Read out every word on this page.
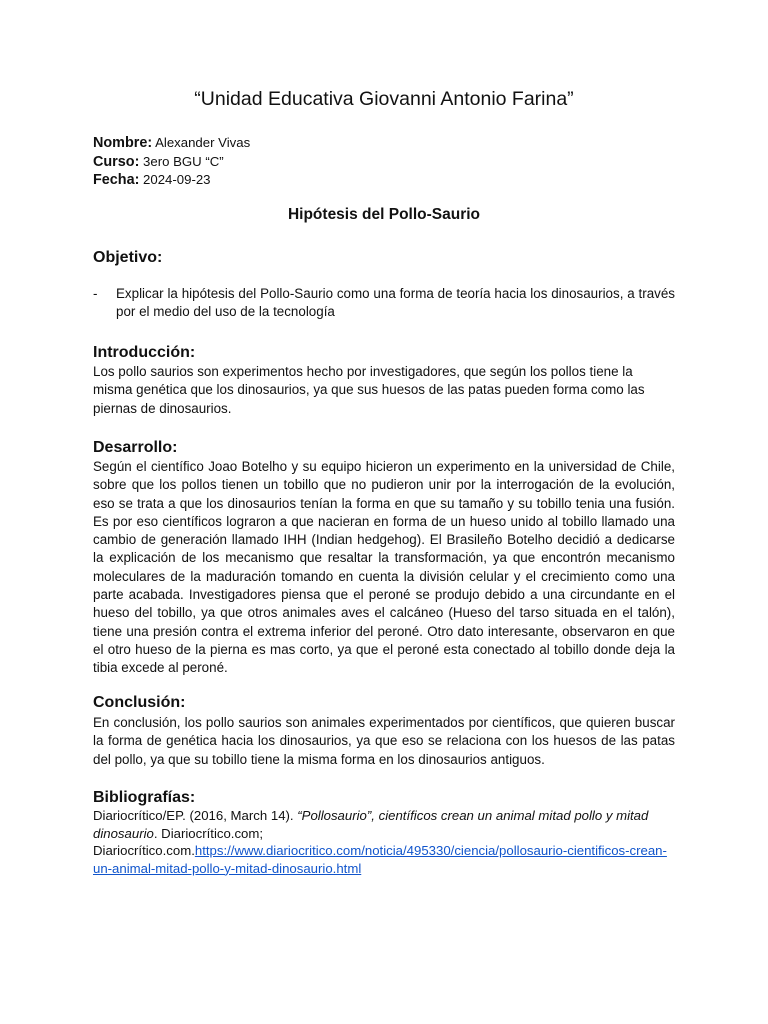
“Unidad Educativa Giovanni Antonio Farina”
Nombre: Alexander Vivas
Curso: 3ero BGU “C”
Fecha: 2024-09-23
Hipótesis del Pollo-Saurio
Objetivo:
- Explicar la hipótesis del Pollo-Saurio como una forma de teoría hacia los dinosaurios, a través por el medio del uso de la tecnología
Introducción:
Los pollo saurios son experimentos hecho por investigadores, que según los pollos tiene la misma genética que los dinosaurios, ya que sus huesos de las patas pueden forma como las piernas de dinosaurios.
Desarrollo:
Según el científico Joao Botelho y su equipo hicieron un experimento en la universidad de Chile, sobre que los pollos tienen un tobillo que no pudieron unir por la interrogación de la evolución, eso se trata a que los dinosaurios tenían la forma en que su tamaño y su tobillo tenia una fusión. Es por eso científicos lograron a que nacieran en forma de un hueso unido al tobillo llamado una cambio de generación llamado IHH (Indian hedgehog). El Brasileño Botelho decidió a dedicarse la explicación de los mecanismo que resaltar la transformación, ya que encontrón mecanismo moleculares de la maduración tomando en cuenta la división celular y el crecimiento como una parte acabada. Investigadores piensa que el peroné se produjo debido a una circundante en el hueso del tobillo, ya que otros animales aves el calcáneo (Hueso del tarso situada en el talón), tiene una presión contra el extrema inferior del peroné. Otro dato interesante, observaron en que el otro hueso de la pierna es mas corto, ya que el peroné esta conectado al tobillo donde deja la tibia excede al peroné.
Conclusión:
En conclusión, los pollo saurios son animales experimentados por científicos, que quieren buscar la forma de genética hacia los dinosaurios, ya que eso se relaciona con los huesos de las patas del pollo, ya que su tobillo tiene la misma forma en los dinosaurios antiguos.
Bibliografías:
Diariocrítico/EP. (2016, March 14). “Pollosaurio”, científicos crean un animal mitad pollo y mitad dinosaurio. Diariocrítico.com;
Diariocrítico.com.https://www.diariocritico.com/noticia/495330/ciencia/pollosaurio-cientificos-crean-un-animal-mitad-pollo-y-mitad-dinosaurio.html
